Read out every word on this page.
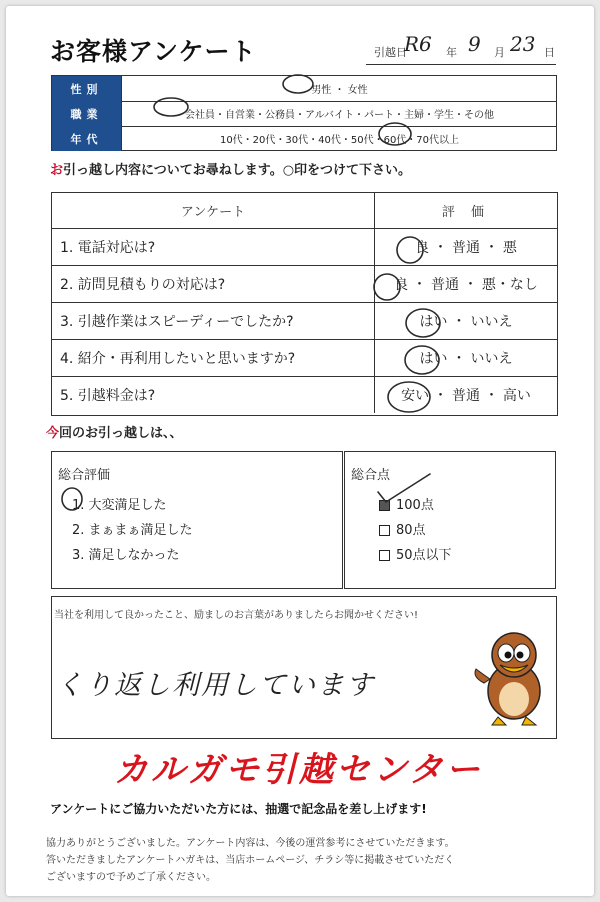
お客様アンケート	引越日
R6 年 9 月 23 日
性別	男性 ・ 女性
職業	会社員・自営業・公務員・アルバイト・パート・主婦・学生・その他
年代	10代・20代・30代・40代・50代・60代・70代以上
お引っ越し内容についてお尋ねします。○印をつけて下さい。
アンケート	評 価
1. 電話対応は?	良 ・ 普通 ・ 悪
2. 訪問見積もりの対応は?	良 ・ 普通 ・ 悪・なし
3. 引越作業はスピーディーでしたか?	はい ・ いいえ
4. 紹介・再利用したいと思いますか?	はい ・ いいえ
5. 引越料金は?	安い ・ 普通 ・ 高い
今回のお引っ越しは、、
総合評価
1. 大変満足した
2. まぁまぁ満足した
3. 満足しなかった
総合点
100点
80点
50点以下
当社を利用して良かったこと、励ましのお言葉がありましたらお聞かせください!
くり返し利用しています
カルガモ引越センター
アンケートにご協力いただいた方には、抽選で記念品を差し上げます!
協力ありがとうございました。アンケート内容は、今後の運営参考にさせていただきます。
答いただきましたアンケートハガキは、当店ホームページ、チラシ等に掲載させていただく
ございますので予めご了承ください。
